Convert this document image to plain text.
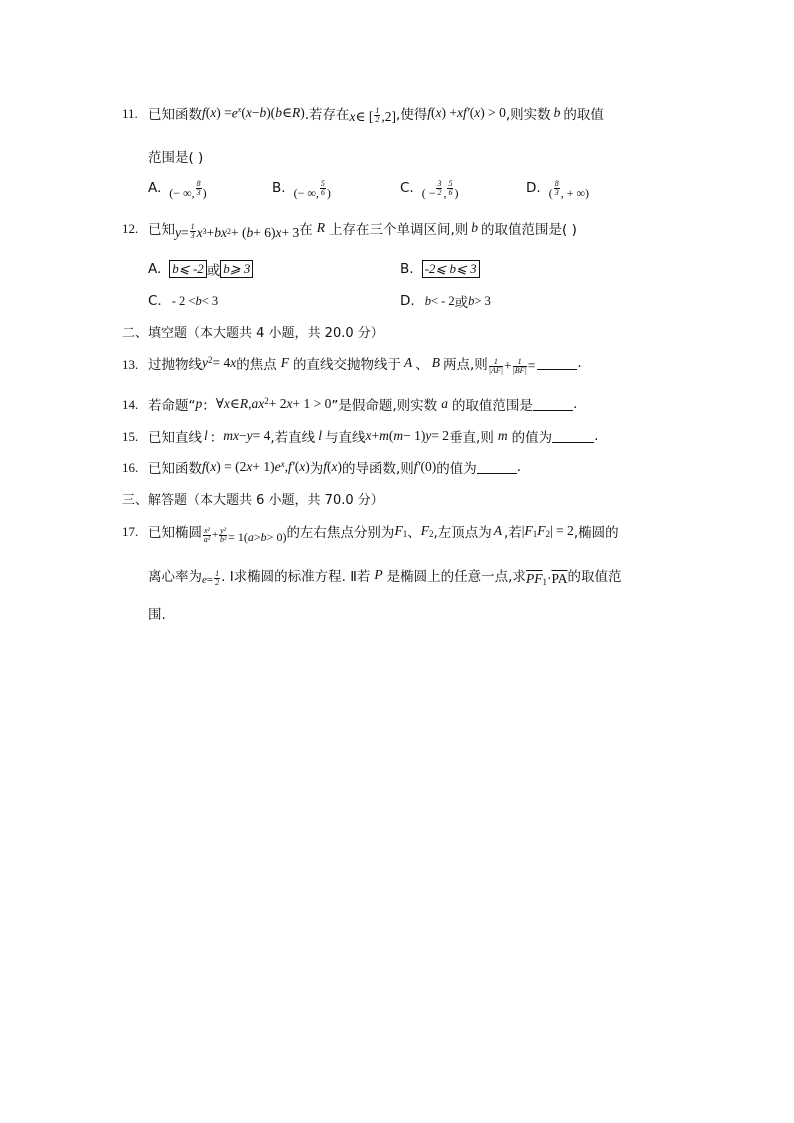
11. 已知函数 f ( x ) = $e^x$ ( x − b )( b ∈ R ) .若存在 x ∈ [ $\frac{1}{2} ,2$] ,使得 f ( x ) + xf′ ( x ) > 0 ,则实数 b 的取值
范围是( )
A. ( − ∞, $\frac{8}{3}$ )	B. ( − ∞, $\frac{5}{6}$ )	C. ( − $\frac{3}{2}$ , $\frac{5}{6}$ )	D. ( $\frac{8}{3}$ , + ∞)
12. 已知 $y = \frac{1}{3}$ x 3 + bx 2 + ( b + 6) x + 3 在 R 上存在三个单调区间,则 b 的取值范围是( )
A. b⩽ -2 或 b⩾ 3	B. -2⩽ b⩽ 3
C. - 2 < b < 3	D. b < - 2 或 b > 3
二、填空题（本大题共 4 小题，共 20.0 分）
13. 过抛物线 y 2 = 4 x 的焦点 F 的直线交抛物线于 A 、 B 两点,则 $\frac{1}{|AF|} + \frac{1}{|BF|}$ =	.
14. 若命题“ p ： ∀ x ∈ R , ax 2 + 2 x + 1 > 0 ”是假命题,则实数 a 的取值范围是	.
15. 已知直线 l ： mx − y = 4 ,若直线 l 与直线 x + m ( m − 1) y = 2 垂直,则 m 的值为	.
16. 已知函数 f ( x ) = (2 x + 1) e x , f′ ( x ) 为 f ( x ) 的导函数,则 f′ (0) 的值为	.
三、解答题（本大题共 6 小题，共 70.0 分）
17. 已知椭圆 $\frac{\text{x²}}{\text{a²}} + \frac{\text{y²}}{\text{b²}} = 1$( a > b > 0) 的左右焦点分别为 F 1 、 F 2 ,左顶点为 A ,若 | F 1 F 2 | = 2 ,椭圆的
离心率为 $e = \frac{1}{2}$ . Ⅰ求椭圆的标准方程. Ⅱ若 P 是椭圆上的任意一点,求 $\overline{PF}$ $1 \cdot \overline{PA}$ 的取值范
围.
